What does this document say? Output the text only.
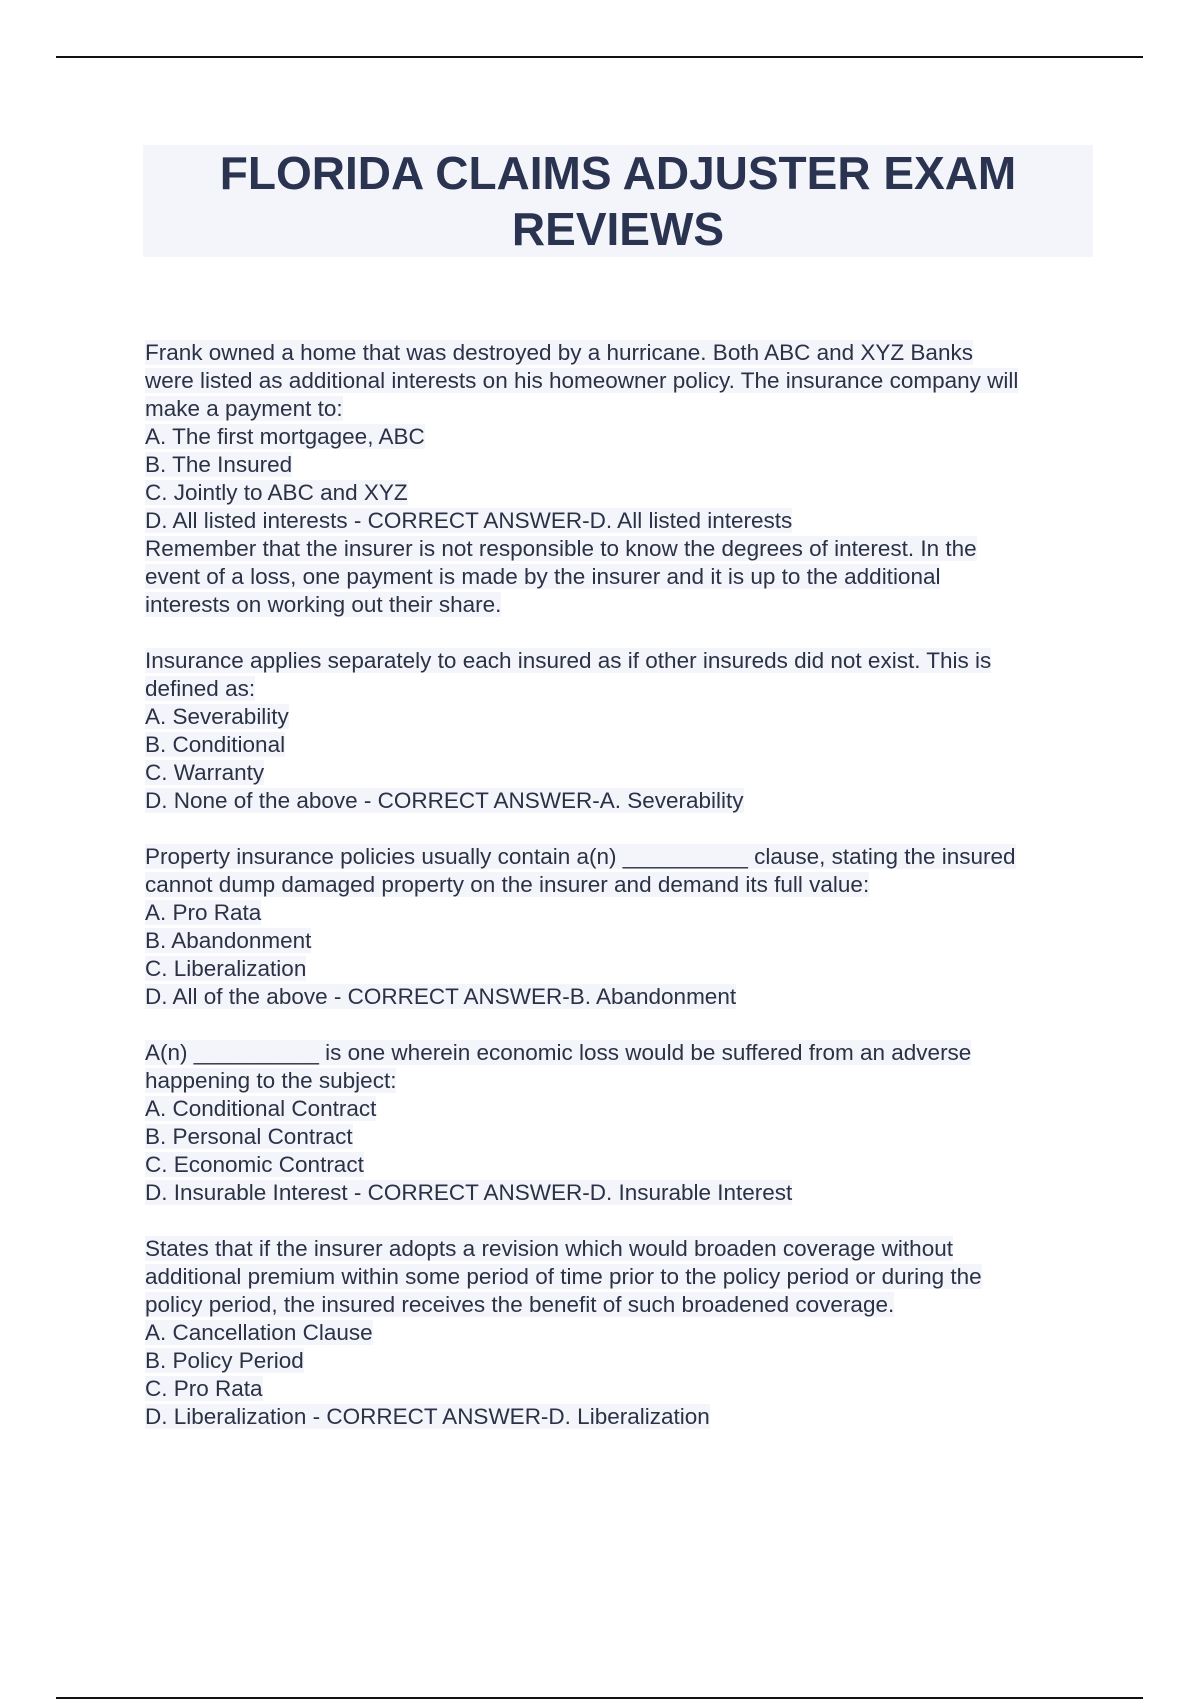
FLORIDA CLAIMS ADJUSTER EXAM REVIEWS
Frank owned a home that was destroyed by a hurricane. Both ABC and XYZ Banks
were listed as additional interests on his homeowner policy. The insurance company will
make a payment to:
A. The first mortgagee, ABC
B. The Insured
C. Jointly to ABC and XYZ
D. All listed interests - CORRECT ANSWER-D. All listed interests
Remember that the insurer is not responsible to know the degrees of interest. In the
event of a loss, one payment is made by the insurer and it is up to the additional
interests on working out their share.
Insurance applies separately to each insured as if other insureds did not exist. This is
defined as:
A. Severability
B. Conditional
C. Warranty
D. None of the above - CORRECT ANSWER-A. Severability
Property insurance policies usually contain a(n) __________ clause, stating the insured
cannot dump damaged property on the insurer and demand its full value:
A. Pro Rata
B. Abandonment
C. Liberalization
D. All of the above - CORRECT ANSWER-B. Abandonment
A(n) __________ is one wherein economic loss would be suffered from an adverse
happening to the subject:
A. Conditional Contract
B. Personal Contract
C. Economic Contract
D. Insurable Interest - CORRECT ANSWER-D. Insurable Interest
States that if the insurer adopts a revision which would broaden coverage without
additional premium within some period of time prior to the policy period or during the
policy period, the insured receives the benefit of such broadened coverage.
A. Cancellation Clause
B. Policy Period
C. Pro Rata
D. Liberalization - CORRECT ANSWER-D. Liberalization
